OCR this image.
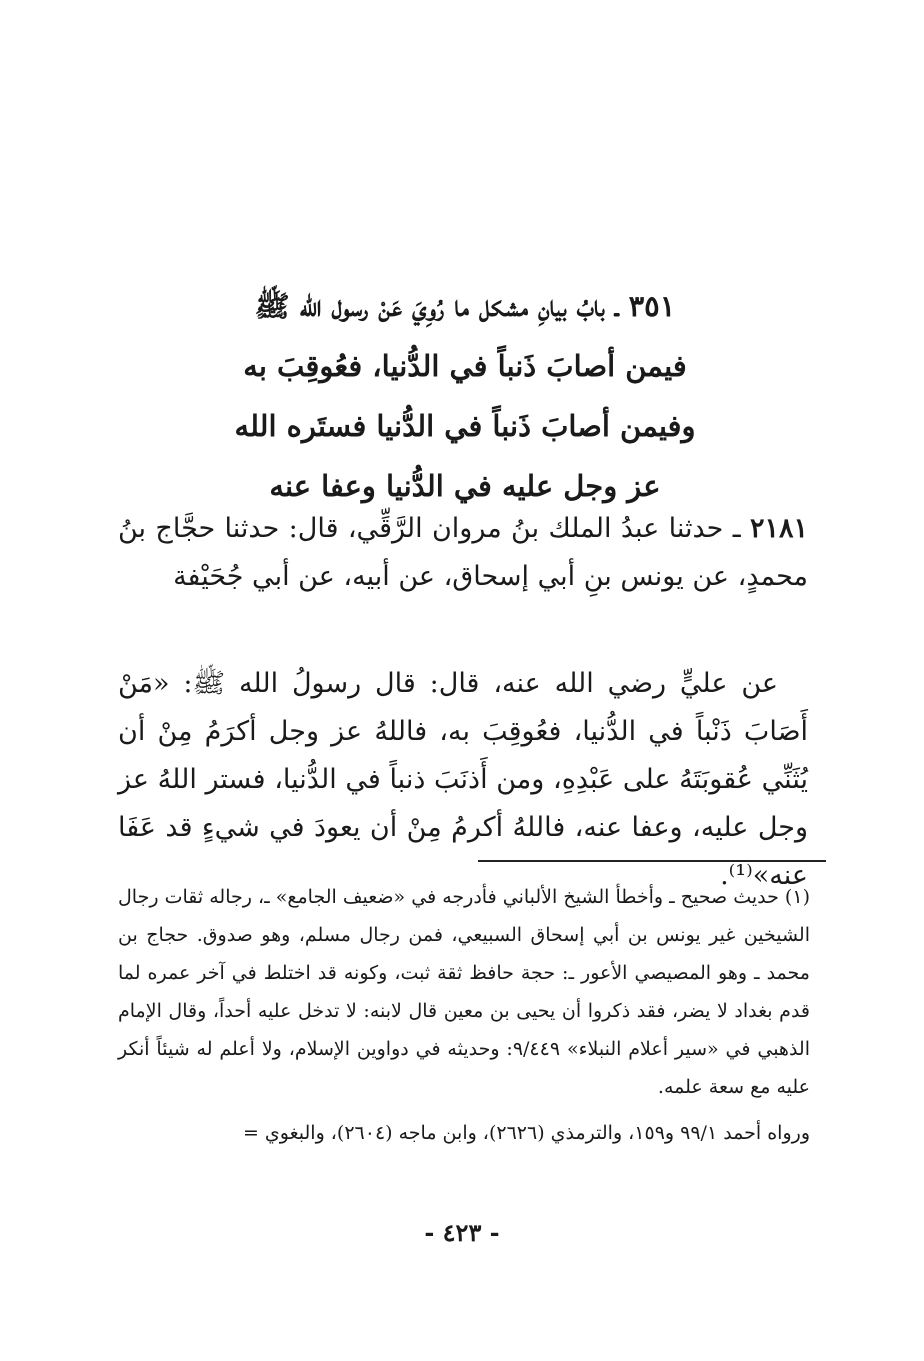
٣٥١ ـ بابُ بيانِ مشكل ما رُوِيَ عَنْ رسول الله ﷺ
فيمن أصابَ ذَنباً في الدُّنيا، فعُوقِبَ به
وفيمن أصابَ ذَنباً في الدُّنيا فستَره الله
عز وجل عليه في الدُّنيا وعفا عنه
٢١٨١ ـ حدثنا عبدُ الملك بنُ مروان الرَّقِّي، قال: حدثنا حجَّاج بنُ محمدٍ، عن يونس بنِ أبي إسحاق، عن أبيه، عن أبي جُحَيْفة
عن عليٍّ رضي الله عنه، قال: قال رسولُ الله ﷺ: «مَنْ أَصَابَ ذَنْباً في الدُّنيا، فعُوقِبَ به، فاللهُ عز وجل أكرَمُ مِنْ أن يُثَنِّي عُقوبَتَهُ على عَبْدِهِ، ومن أَذنَبَ ذنباً في الدُّنيا، فستر اللهُ عز وجل عليه، وعفا عنه، فاللهُ أكرمُ مِنْ أن يعودَ في شيءٍ قد عَفَا عنه»⁽¹⁾.

(١) حديث صحيح ـ وأخطأ الشيخ الألباني فأدرجه في «ضعيف الجامع» ـ، رجاله ثقات رجال الشيخين غير يونس بن أبي إسحاق السبيعي، فمن رجال مسلم، وهو صدوق. حجاج بن محمد ـ وهو المصيصي الأعور ـ: حجة حافظ ثقة ثبت، وكونه قد اختلط في آخر عمره لما قدم بغداد لا يضر، فقد ذكروا أن يحيى بن معين قال لابنه: لا تدخل عليه أحداً، وقال الإمام الذهبي في «سير أعلام النبلاء» ٩/٤٤٩: وحديثه في دواوين الإسلام، ولا أعلم له شيئاً أنكر عليه مع سعة علمه.

ورواه أحمد ٩٩/١ و١٥٩، والترمذي (٢٦٢٦)، وابن ماجه (٢٦٠٤)، والبغوي =

- ٤٢٣ -
